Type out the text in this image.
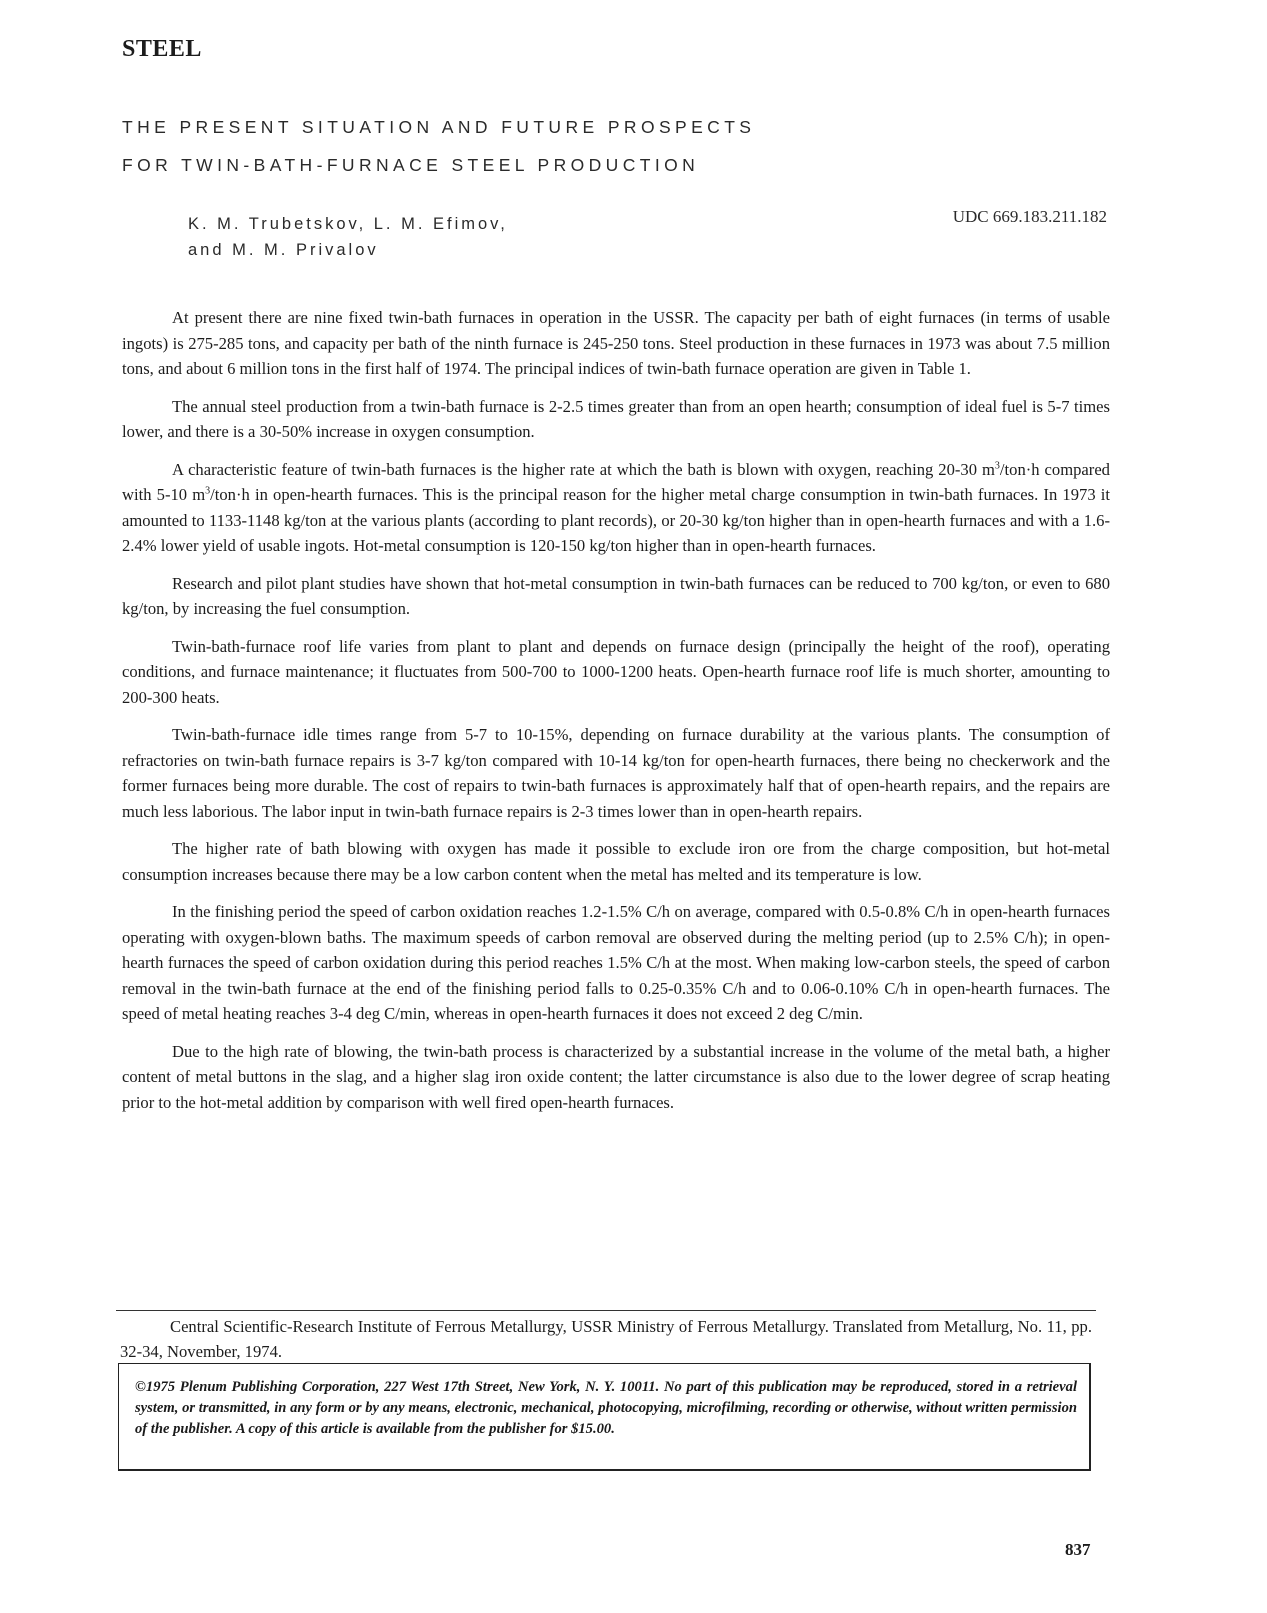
STEEL
THE PRESENT SITUATION AND FUTURE PROSPECTS
FOR TWIN-BATH-FURNACE STEEL PRODUCTION
K. M. Trubetskov, L. M. Efimov,
and M. M. Privalov
UDC 669.183.211.182

At present there are nine fixed twin-bath furnaces in operation in the USSR. The capacity per bath of eight furnaces (in terms of usable ingots) is 275-285 tons, and capacity per bath of the ninth furnace is 245-250 tons. Steel production in these furnaces in 1973 was about 7.5 million tons, and about 6 million tons in the first half of 1974. The principal indices of twin-bath furnace operation are given in Table 1.

The annual steel production from a twin-bath furnace is 2-2.5 times greater than from an open hearth; consumption of ideal fuel is 5-7 times lower, and there is a 30-50% increase in oxygen consumption.

A characteristic feature of twin-bath furnaces is the higher rate at which the bath is blown with oxygen, reaching 20-30 $m^3/ton\cdot h$ compared with 5-10 $m^3/ton\cdot h$ in open-hearth furnaces. This is the principal reason for the higher metal charge consumption in twin-bath furnaces. In 1973 it amounted to 1133-1148 kg/ton at the various plants (according to plant records), or 20-30 kg/ton higher than in open-hearth furnaces and with a 1.6-2.4% lower yield of usable ingots. Hot-metal consumption is 120-150 kg/ton higher than in open-hearth furnaces.

Research and pilot plant studies have shown that hot-metal consumption in twin-bath furnaces can be reduced to 700 kg/ton, or even to 680 kg/ton, by increasing the fuel consumption.

Twin-bath-furnace roof life varies from plant to plant and depends on furnace design (principally the height of the roof), operating conditions, and furnace maintenance; it fluctuates from 500-700 to 1000-1200 heats. Open-hearth furnace roof life is much shorter, amounting to 200-300 heats.

Twin-bath-furnace idle times range from 5-7 to 10-15%, depending on furnace durability at the various plants. The consumption of refractories on twin-bath furnace repairs is 3-7 kg/ton compared with 10-14 kg/ton for open-hearth furnaces, there being no checkerwork and the former furnaces being more durable. The cost of repairs to twin-bath furnaces is approximately half that of open-hearth repairs, and the repairs are much less laborious. The labor input in twin-bath furnace repairs is 2-3 times lower than in open-hearth repairs.

The higher rate of bath blowing with oxygen has made it possible to exclude iron ore from the charge composition, but hot-metal consumption increases because there may be a low carbon content when the metal has melted and its temperature is low.

In the finishing period the speed of carbon oxidation reaches 1.2-1.5% C/h on average, compared with 0.5-0.8% C/h in open-hearth furnaces operating with oxygen-blown baths. The maximum speeds of carbon removal are observed during the melting period (up to 2.5% C/h); in open-hearth furnaces the speed of carbon oxidation during this period reaches 1.5% C/h at the most. When making low-carbon steels, the speed of carbon removal in the twin-bath furnace at the end of the finishing period falls to 0.25-0.35% C/h and to 0.06-0.10% C/h in open-hearth furnaces. The speed of metal heating reaches 3-4 deg C/min, whereas in open-hearth furnaces it does not exceed 2 deg C/min.

Due to the high rate of blowing, the twin-bath process is characterized by a substantial increase in the volume of the metal bath, a higher content of metal buttons in the slag, and a higher slag iron oxide content; the latter circumstance is also due to the lower degree of scrap heating prior to the hot-metal addition by comparison with well fired open-hearth furnaces.

Central Scientific-Research Institute of Ferrous Metallurgy, USSR Ministry of Ferrous Metallurgy. Translated from Metallurg, No. 11, pp. 32-34, November, 1974.
©1975 Plenum Publishing Corporation, 227 West 17th Street, New York, N. Y. 10011. No part of this publication may be reproduced, stored in a retrieval system, or transmitted, in any form or by any means, electronic, mechanical, photocopying, microfilming, recording or otherwise, without written permission of the publisher. A copy of this article is available from the publisher for $15.00.
837
